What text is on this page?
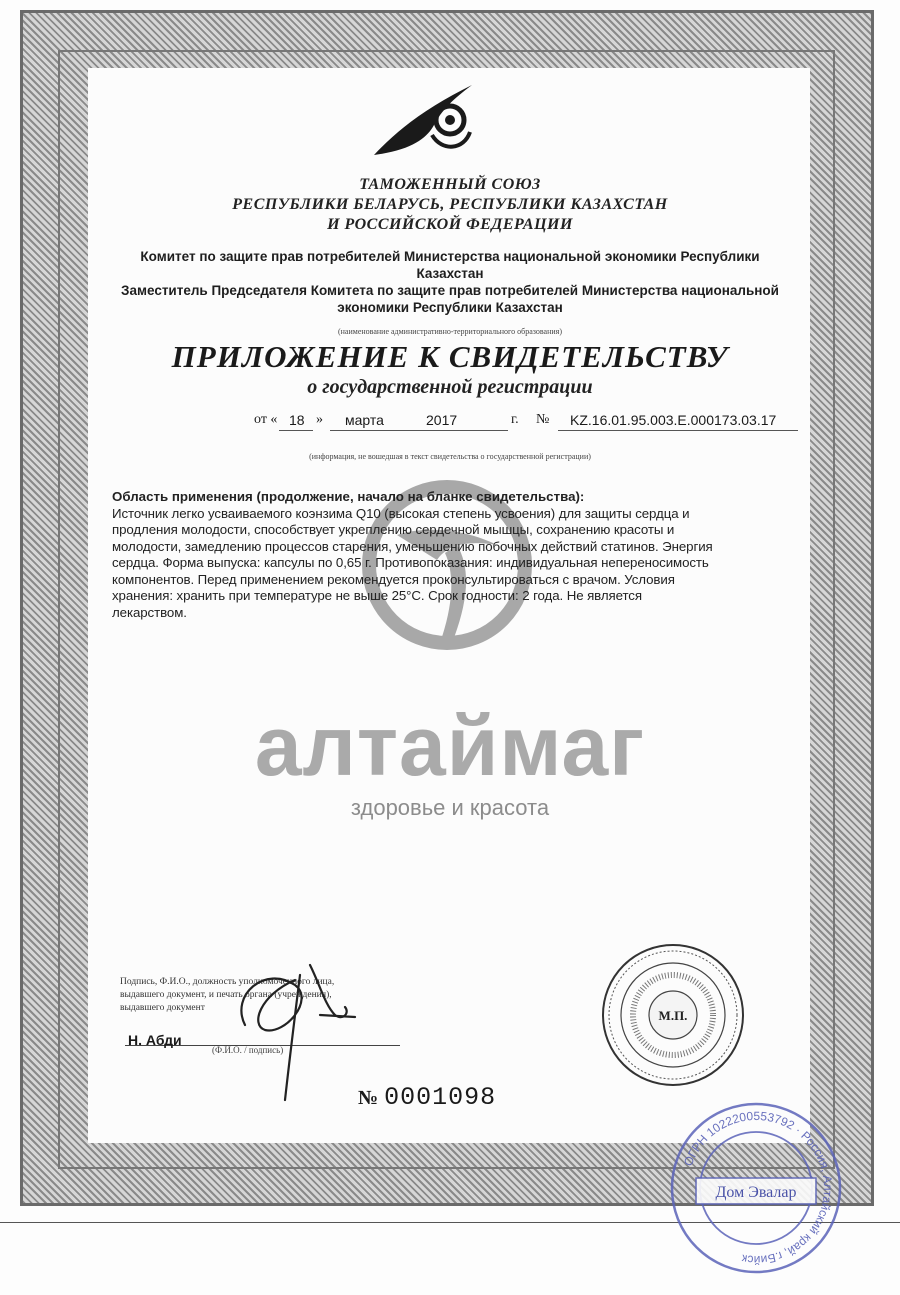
ТАМОЖЕННЫЙ СОЮЗ
РЕСПУБЛИКИ БЕЛАРУСЬ, РЕСПУБЛИКИ КАЗАХСТАН
И РОССИЙСКОЙ ФЕДЕРАЦИИ
Комитет по защите прав потребителей Министерства национальной экономики Республики
Казахстан
Заместитель Председателя Комитета по защите прав потребителей Министерства национальной
экономики Республики Казахстан
(наименование административно-территориального образования)
ПРИЛОЖЕНИЕ К СВИДЕТЕЛЬСТВУ
о государственной регистрации
от « 18 » марта	2017	г. № KZ.16.01.95.003.E.000173.03.17
(информация, не вошедшая в текст свидетельства о государственной регистрации)
Область применения (продолжение, начало на бланке свидетельства):
Источник легко усваиваемого коэнзима Q10 (высокая степень усвоения) для защиты сердца и
продления молодости, способствует укреплению сердечной мышцы, сохранению красоты и
молодости, замедлению процессов старения, уменьшению побочных действий статинов. Энергия
сердца. Форма выпуска: капсулы по 0,65 г. Противопоказания: индивидуальная непереносимость
компонентов. Перед применением рекомендуется проконсультироваться с врачом. Условия
хранения: хранить при температуре не выше 25°С. Срок годности: 2 года. Не является
лекарством.
алтаймаг
здоровье и красота
Подпись, Ф.И.О., должность уполномоченного лица,
выдавшего документ, и печать органа (учреждения),
выдавшего документ
Н. Абди
(Ф.И.О. / подпись)
№ 0001098
М.П.
ОГРН 1022200553792 · Россия, Алтайский край, г.Бийск
Дом Эвалар
